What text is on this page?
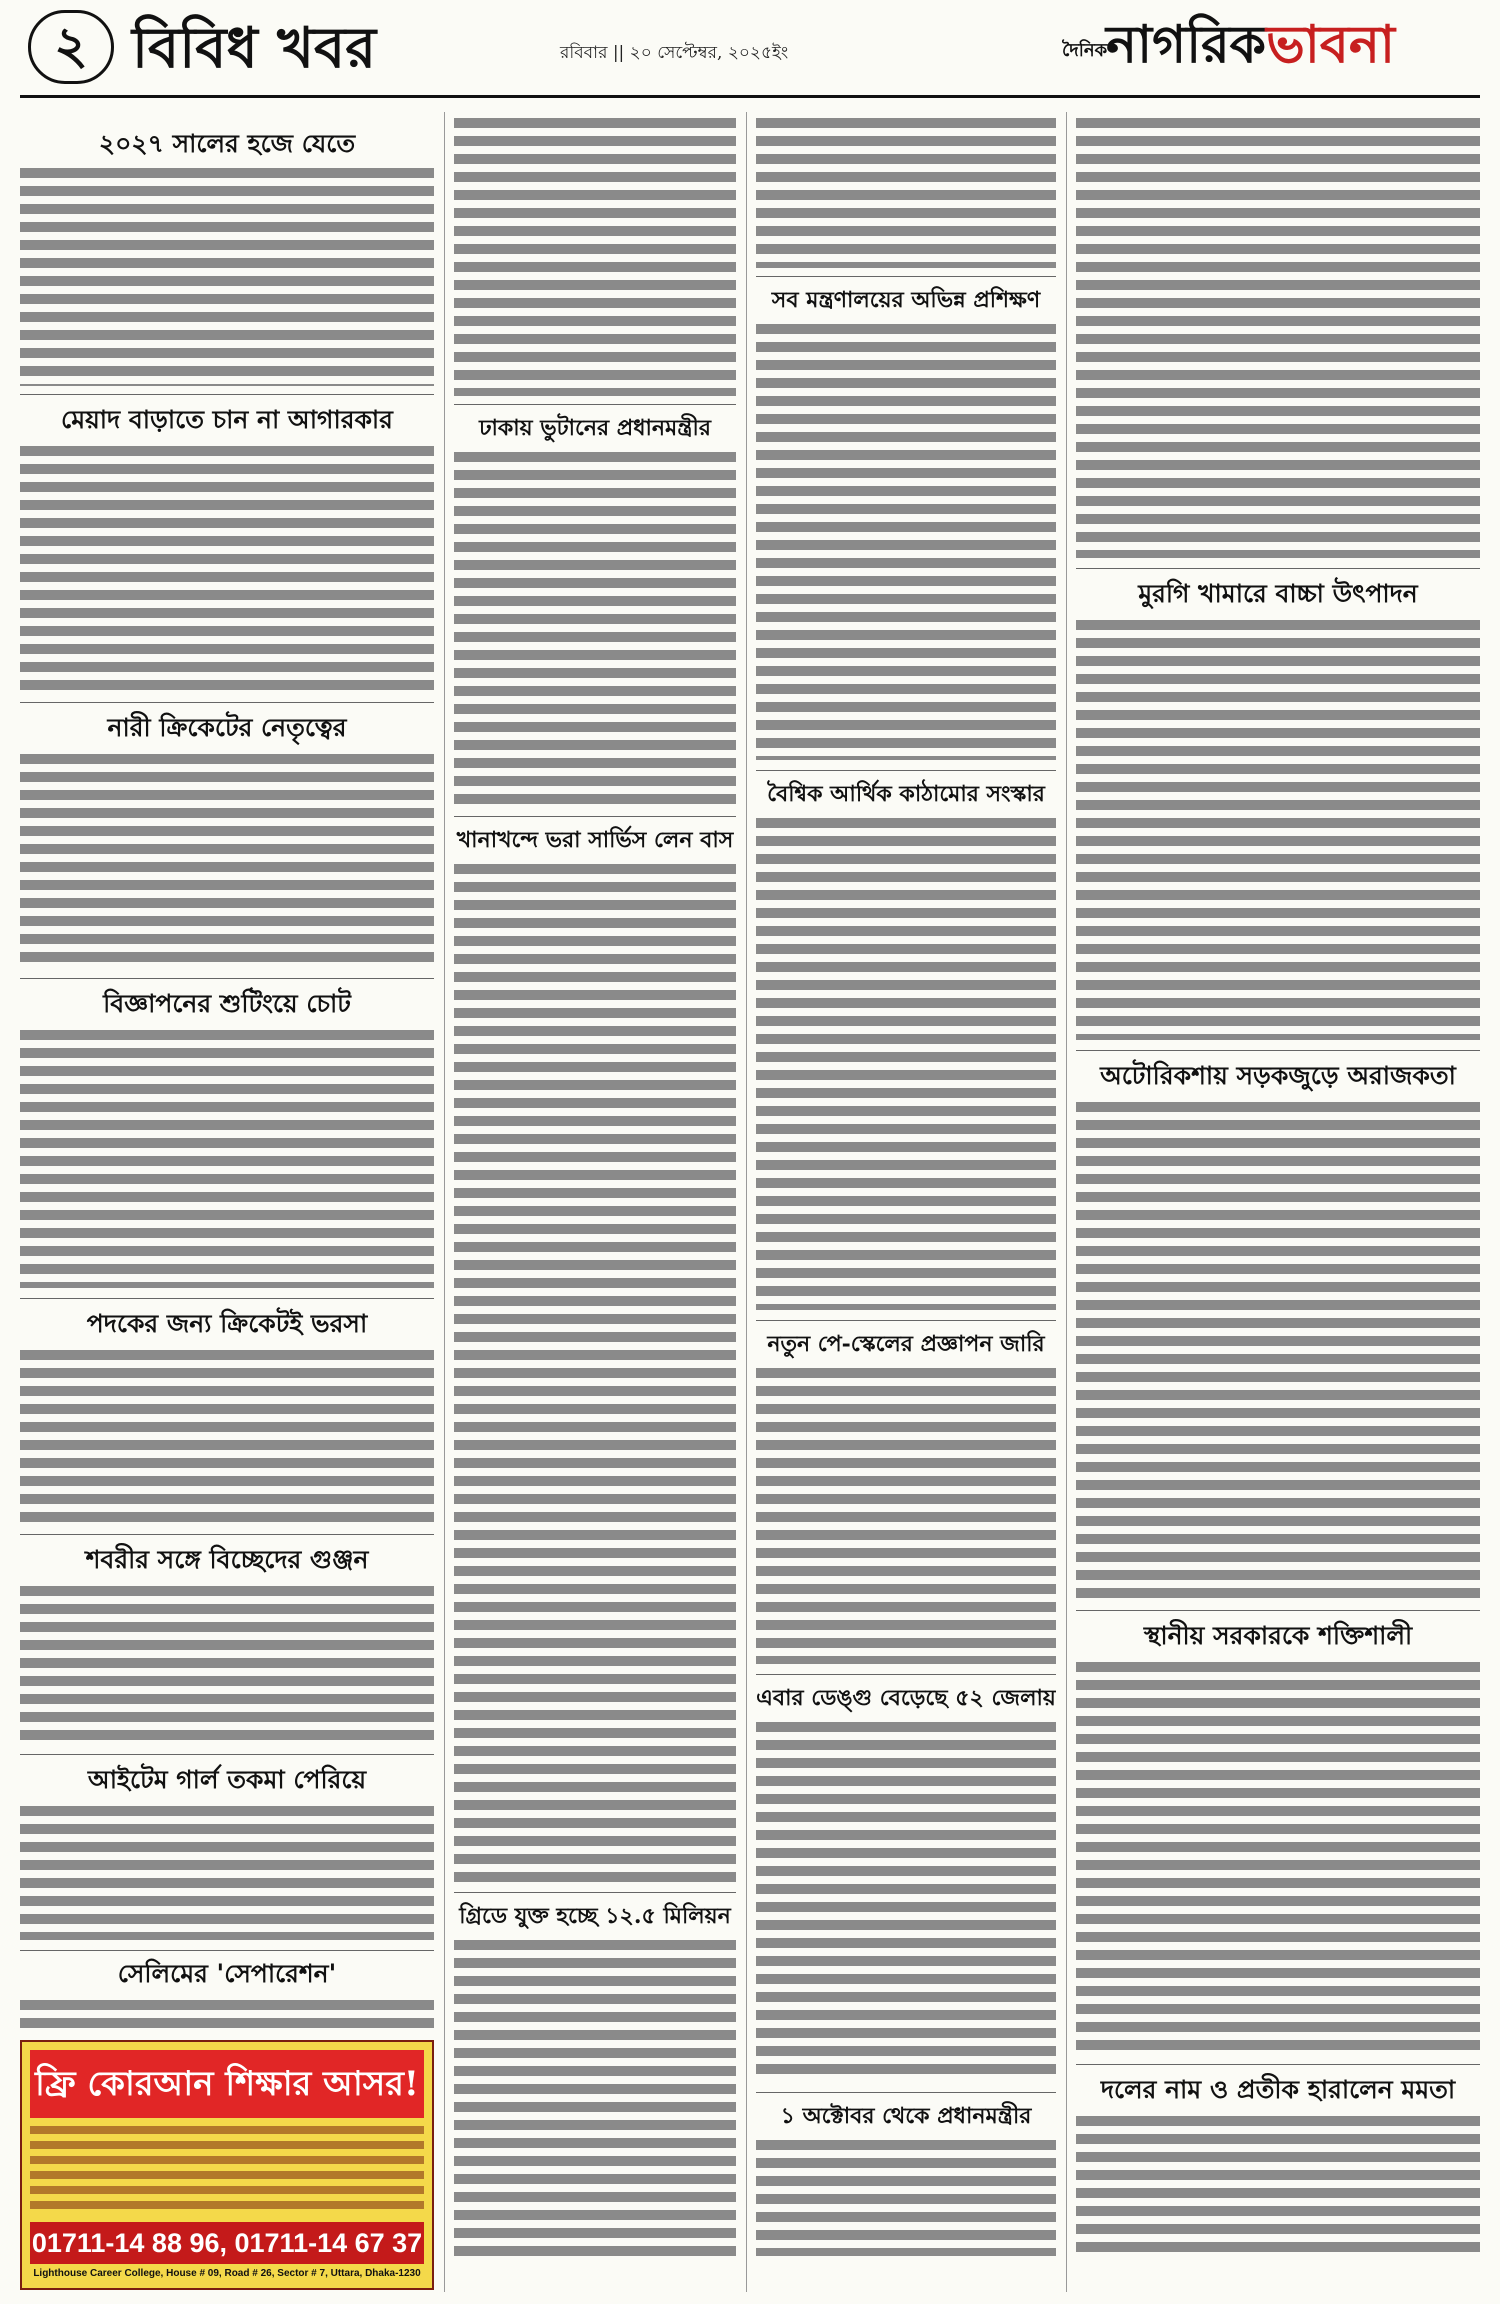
২ বিবিধ খবর	রবিবার || ২০ সেপ্টেম্বর, ২০২৫ইং	দৈনিক
নাগরিকভাবনা
২০২৭ সালের হজে যেতে
মেয়াদ বাড়াতে চান না আগারকার
নারী ক্রিকেটের নেতৃত্বের
বিজ্ঞাপনের শুটিংয়ে চোট
পদকের জন্য ক্রিকেটই ভরসা
শবরীর সঙ্গে বিচ্ছেদের গুঞ্জন
আইটেম গার্ল তকমা পেরিয়ে
সেলিমের 'সেপারেশন'
ফ্রি কোরআন শিক্ষার আসর!
01711-14 88 96, 01711-14 67 37
Lighthouse Career College, House # 09, Road # 26, Sector # 7, Uttara, Dhaka-1230
ঢাকায় ভুটানের প্রধানমন্ত্রীর
খানাখন্দে ভরা সার্ভিস লেন বাস
গ্রিডে যুক্ত হচ্ছে ১২.৫ মিলিয়ন
সব মন্ত্রণালয়ের অভিন্ন প্রশিক্ষণ
বৈশ্বিক আর্থিক কাঠামোর সংস্কার
নতুন পে-স্কেলের প্রজ্ঞাপন জারি
এবার ডেঙ্গু বেড়েছে ৫২ জেলায়
১ অক্টোবর থেকে প্রধানমন্ত্রীর
মুরগি খামারে বাচ্চা উৎপাদন
অটোরিকশায় সড়কজুড়ে অরাজকতা
স্থানীয় সরকারকে শক্তিশালী
দলের নাম ও প্রতীক হারালেন মমতা
